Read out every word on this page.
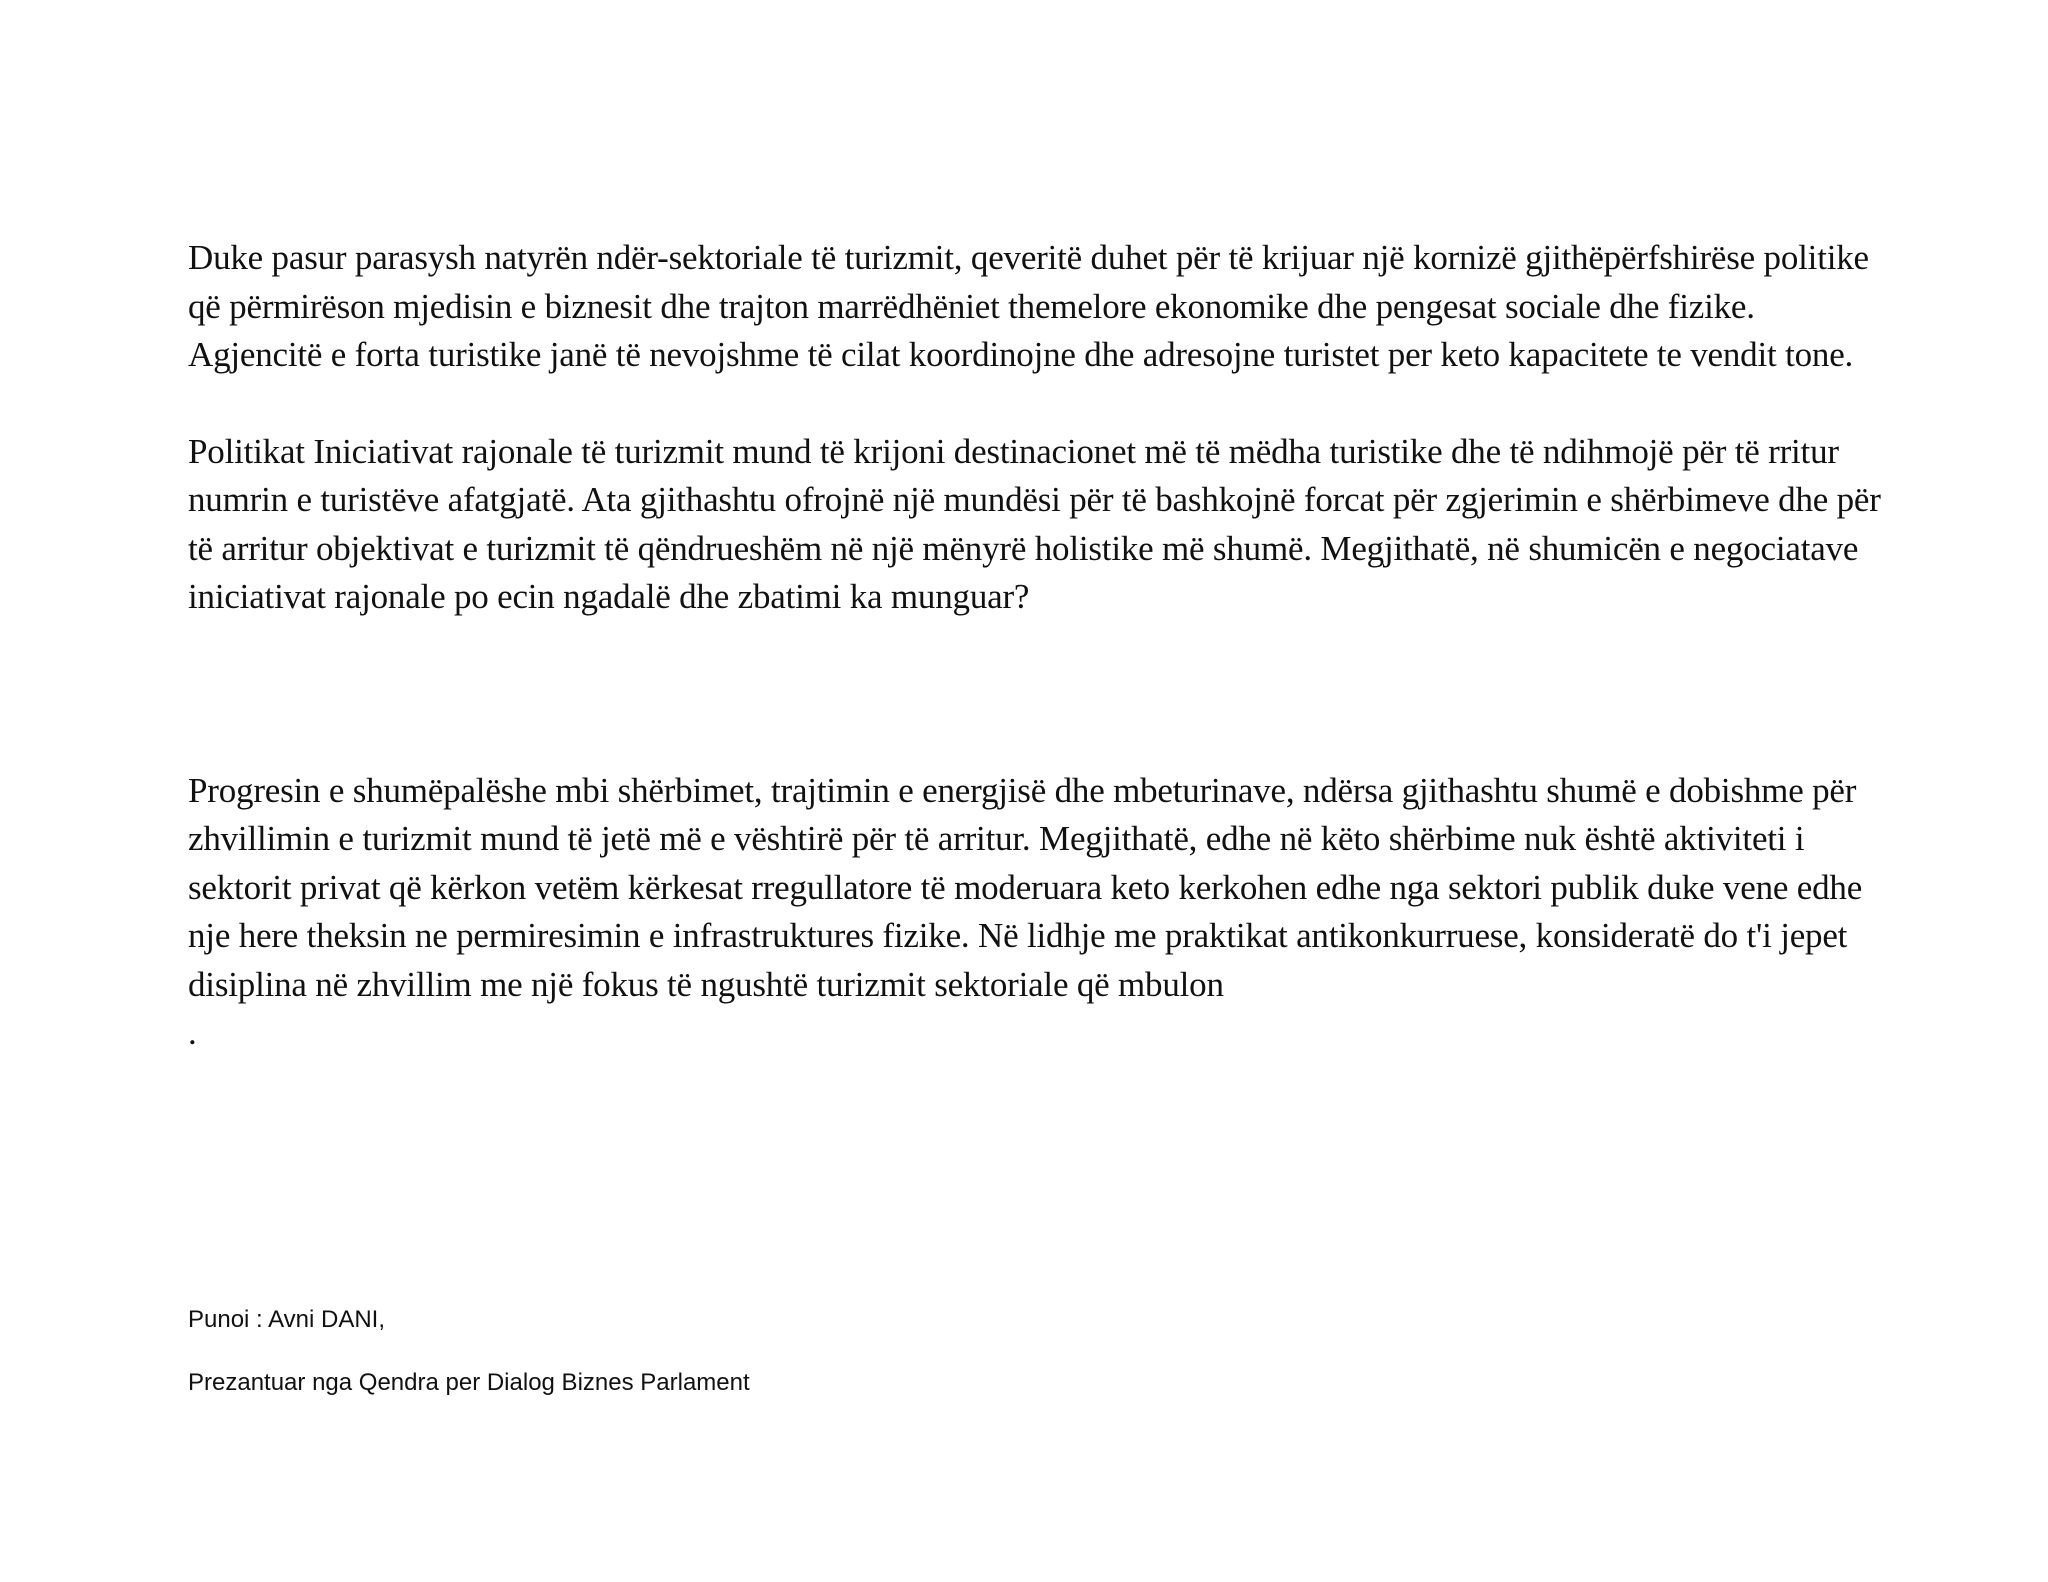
Duke pasur parasysh natyrën ndër-sektoriale të turizmit, qeveritë duhet për të krijuar një kornizë gjithëpërfshirëse politike që përmirëson mjedisin e biznesit dhe trajton marrëdhëniet themelore ekonomike dhe pengesat sociale dhe fizike. Agjencitë e forta turistike janë të nevojshme të cilat koordinojne dhe adresojne turistet per keto kapacitete te vendit tone.

Politikat Iniciativat rajonale të turizmit mund të krijoni destinacionet më të mëdha turistike dhe të ndihmojë për të rritur numrin e turistëve afatgjatë. Ata gjithashtu ofrojnë një mundësi për të bashkojnë forcat për zgjerimin e shërbimeve dhe për të arritur objektivat e turizmit të qëndrueshëm në një mënyrë holistike më shumë. Megjithatë, në shumicën e negociatave iniciativat rajonale po ecin ngadalë dhe zbatimi ka munguar?

Progresin e shumëpalëshe mbi shërbimet, trajtimin e energjisë dhe mbeturinave, ndërsa gjithashtu shumë e dobishme për zhvillimin e turizmit mund të jetë më e vështirë për të arritur. Megjithatë, edhe në këto shërbime nuk është aktiviteti i sektorit privat që kërkon vetëm kërkesat rregullatore të moderuara keto kerkohen edhe nga sektori publik duke vene edhe nje here theksin ne permiresimin e infrastruktures fizike. Në lidhje me praktikat antikonkurruese, konsideratë do t'i jepet disiplina në zhvillim me një fokus të ngushtë turizmit sektoriale që mbulon

.

Punoi : Avni DANI,

Prezantuar nga Qendra per Dialog Biznes Parlament
